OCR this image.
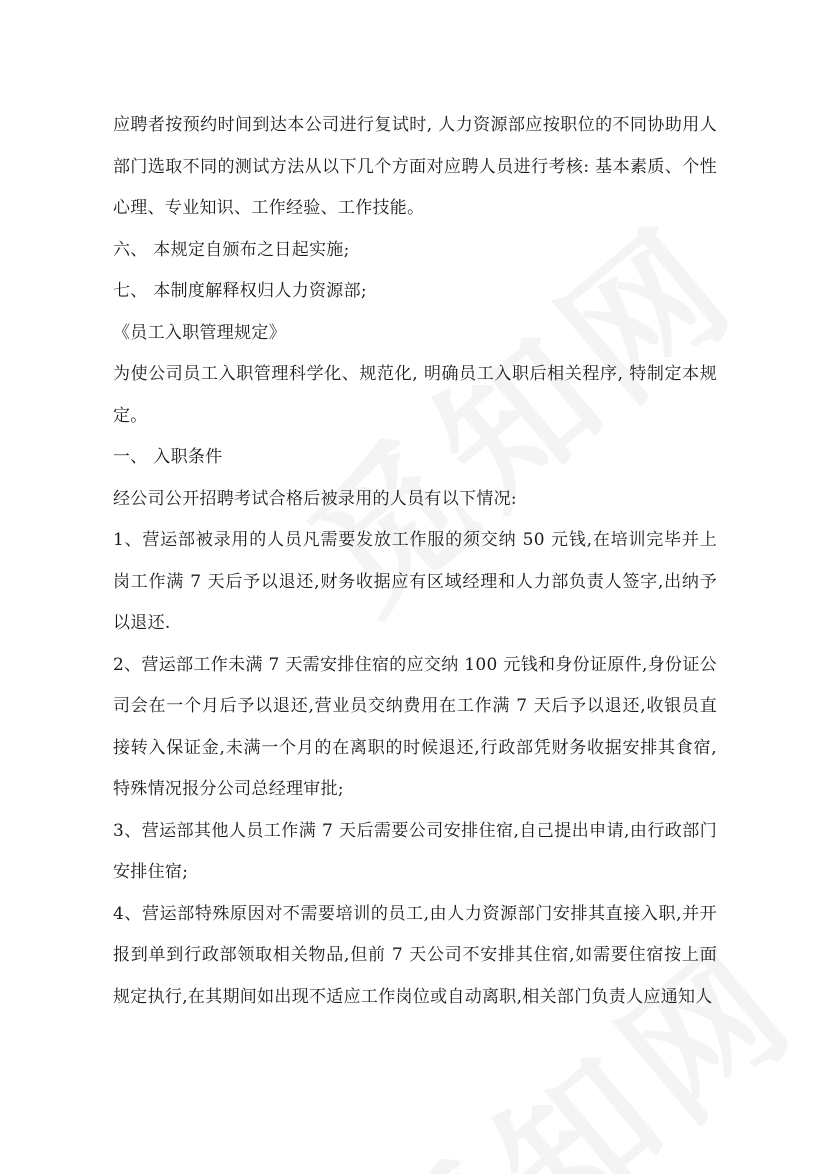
应聘者按预约时间到达本公司进行复试时, 人力资源部应按职位的不同协助用人部门选取不同的测试方法从以下几个方面对应聘人员进行考核: 基本素质、个性心理、专业知识、工作经验、工作技能。

六、 本规定自颁布之日起实施;

七、 本制度解释权归人力资源部;

《员工入职管理规定》

为使公司员工入职管理科学化、规范化, 明确员工入职后相关程序, 特制定本规定。

一、 入职条件

经公司公开招聘考试合格后被录用的人员有以下情况:

1、营运部被录用的人员凡需要发放工作服的须交纳 50 元钱,在培训完毕并上岗工作满 7 天后予以退还,财务收据应有区域经理和人力部负责人签字,出纳予以退还.

2、营运部工作未满 7 天需安排住宿的应交纳 100 元钱和身份证原件,身份证公司会在一个月后予以退还,营业员交纳费用在工作满 7 天后予以退还,收银员直接转入保证金,未满一个月的在离职的时候退还,行政部凭财务收据安排其食宿,特殊情况报分公司总经理审批;

3、营运部其他人员工作满 7 天后需要公司安排住宿,自己提出申请,由行政部门安排住宿;

4、营运部特殊原因对不需要培训的员工,由人力资源部门安排其直接入职,并开报到单到行政部领取相关物品,但前 7 天公司不安排其住宿,如需要住宿按上面规定执行,在其期间如出现不适应工作岗位或自动离职,相关部门负责人应通知人
